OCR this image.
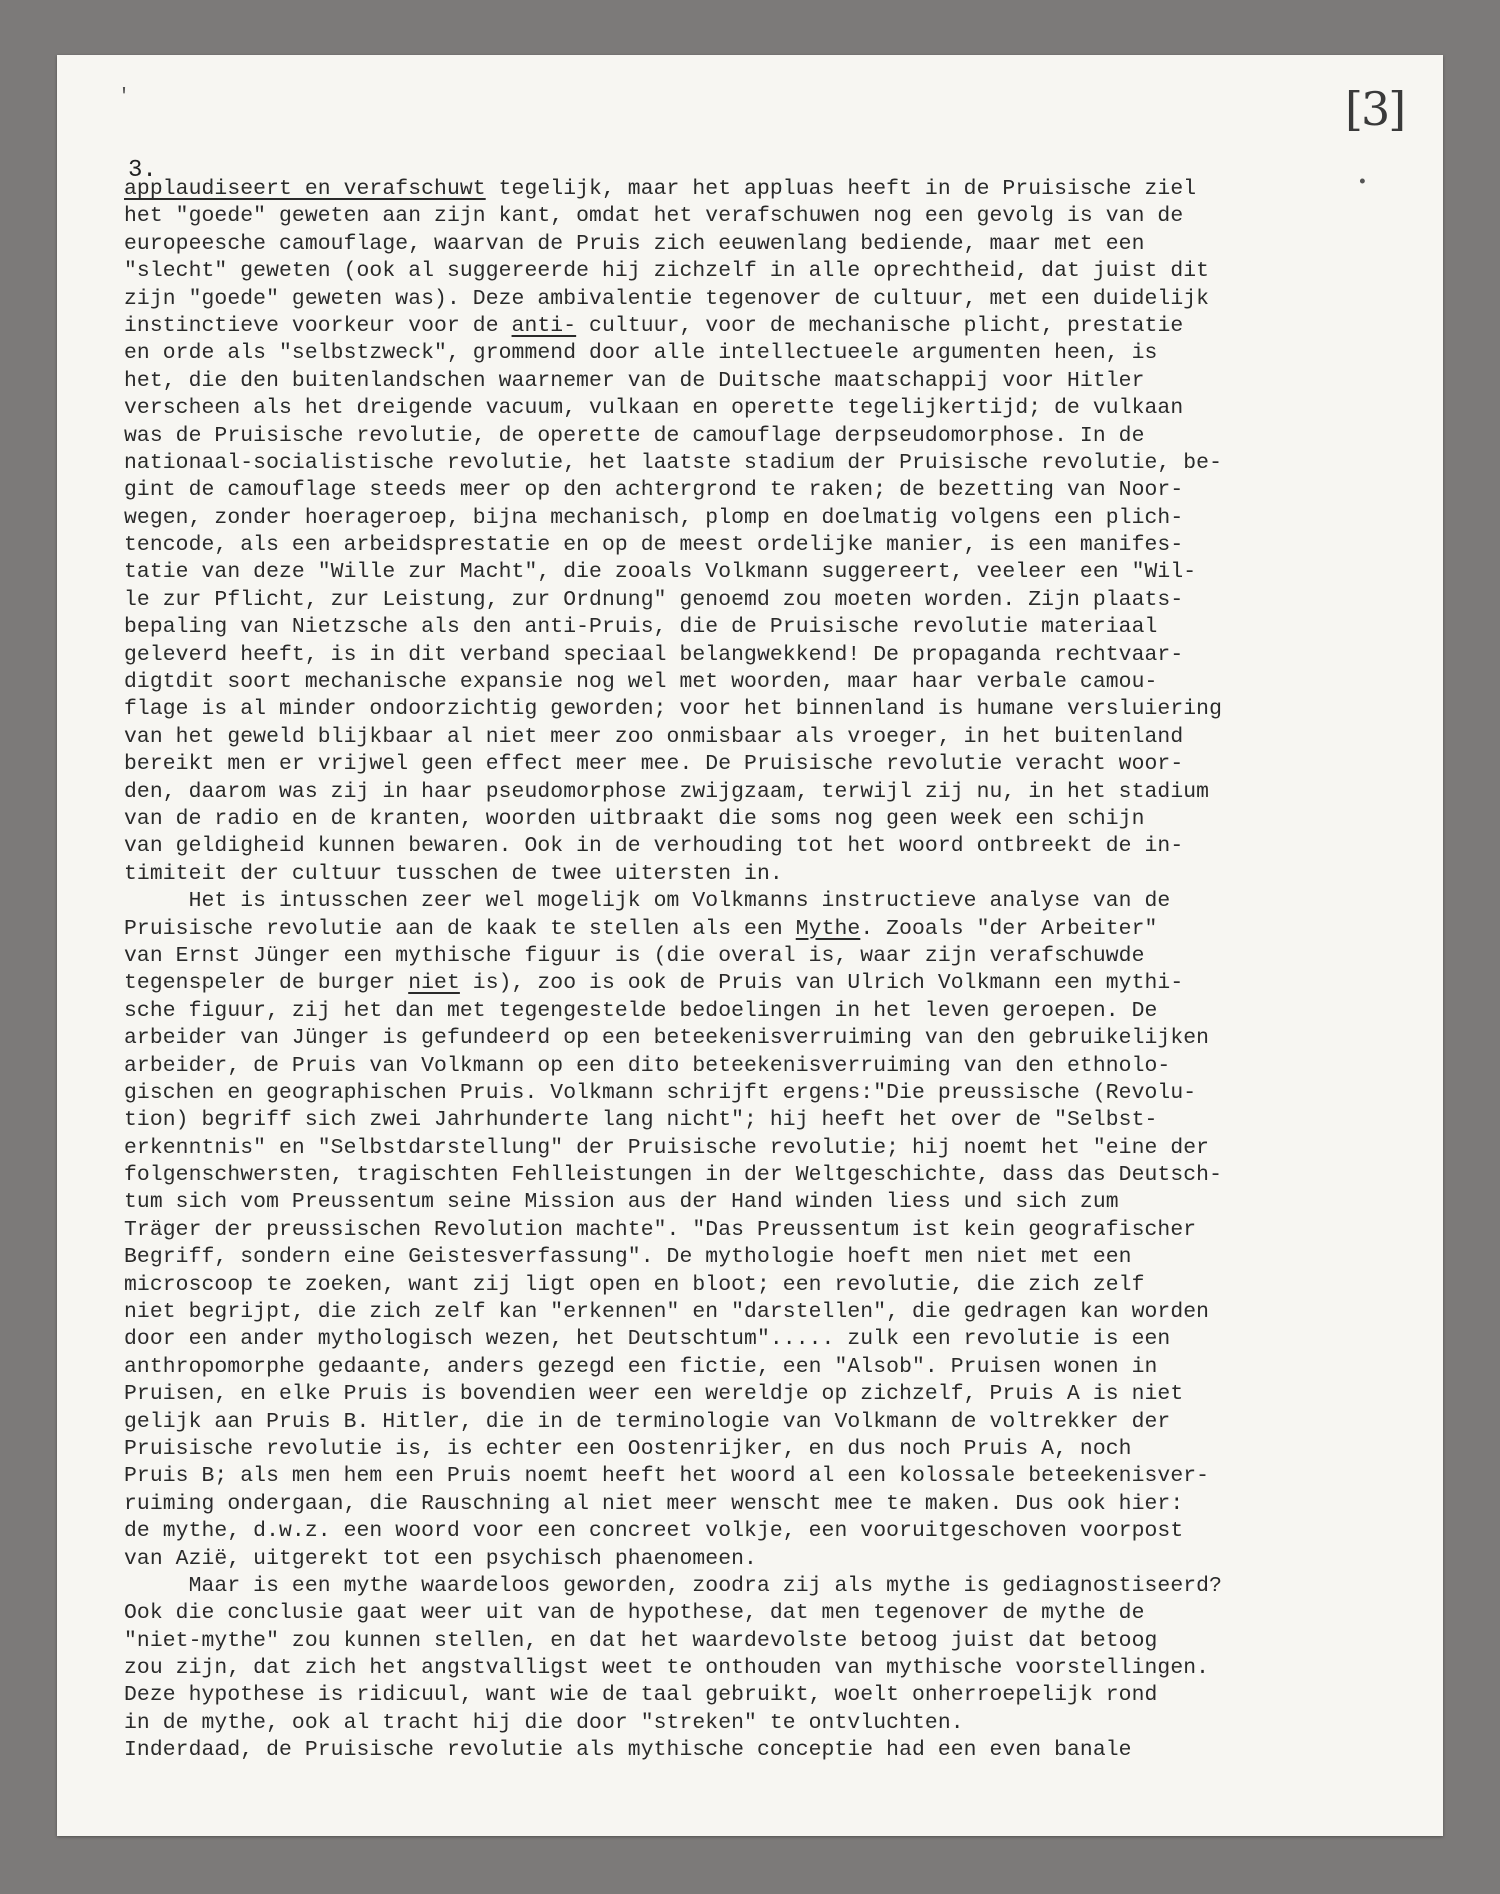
[3]
'
•
3.
applaudiseert en verafschuwt tegelijk, maar het appluas heeft in de Pruisische ziel
het "goede" geweten aan zijn kant, omdat het verafschuwen nog een gevolg is van de
europeesche camouflage, waarvan de Pruis zich eeuwenlang bediende, maar met een
"slecht" geweten (ook al suggereerde hij zichzelf in alle oprechtheid, dat juist dit
zijn "goede" geweten was). Deze ambivalentie tegenover de cultuur, met een duidelijk
instinctieve voorkeur voor de anti- cultuur, voor de mechanische plicht, prestatie
en orde als "selbstzweck", grommend door alle intellectueele argumenten heen, is
het, die den buitenlandschen waarnemer van de Duitsche maatschappij voor Hitler
verscheen als het dreigende vacuum, vulkaan en operette tegelijkertijd; de vulkaan
was de Pruisische revolutie, de operette de camouflage derpseudomorphose. In de
nationaal-socialistische revolutie, het laatste stadium der Pruisische revolutie, be-
gint de camouflage steeds meer op den achtergrond te raken; de bezetting van Noor-
wegen, zonder hoerageroep, bijna mechanisch, plomp en doelmatig volgens een plich-
tencode, als een arbeidsprestatie en op de meest ordelijke manier, is een manifes-
tatie van deze "Wille zur Macht", die zooals Volkmann suggereert, veeleer een "Wil-
le zur Pflicht, zur Leistung, zur Ordnung" genoemd zou moeten worden. Zijn plaats-
bepaling van Nietzsche als den anti-Pruis, die de Pruisische revolutie materiaal
geleverd heeft, is in dit verband speciaal belangwekkend! De propaganda rechtvaar-
digtdit soort mechanische expansie nog wel met woorden, maar haar verbale camou-
flage is al minder ondoorzichtig geworden; voor het binnenland is humane versluiering
van het geweld blijkbaar al niet meer zoo onmisbaar als vroeger, in het buitenland
bereikt men er vrijwel geen effect meer mee. De Pruisische revolutie veracht woor-
den, daarom was zij in haar pseudomorphose zwijgzaam, terwijl zij nu, in het stadium
van de radio en de kranten, woorden uitbraakt die soms nog geen week een schijn
van geldigheid kunnen bewaren. Ook in de verhouding tot het woord ontbreekt de in-
timiteit der cultuur tusschen de twee uitersten in.
Het is intusschen zeer wel mogelijk om Volkmanns instructieve analyse van de
Pruisische revolutie aan de kaak te stellen als een Mythe. Zooals "der Arbeiter"
van Ernst Jünger een mythische figuur is (die overal is, waar zijn verafschuwde
tegenspeler de burger niet is), zoo is ook de Pruis van Ulrich Volkmann een mythi-
sche figuur, zij het dan met tegengestelde bedoelingen in het leven geroepen. De
arbeider van Jünger is gefundeerd op een beteekenisverruiming van den gebruikelijken
arbeider, de Pruis van Volkmann op een dito beteekenisverruiming van den ethnolo-
gischen en geographischen Pruis. Volkmann schrijft ergens:"Die preussische (Revolu-
tion) begriff sich zwei Jahrhunderte lang nicht"; hij heeft het over de "Selbst-
erkenntnis" en "Selbstdarstellung" der Pruisische revolutie; hij noemt het "eine der
folgenschwersten, tragischten Fehlleistungen in der Weltgeschichte, dass das Deutsch-
tum sich vom Preussentum seine Mission aus der Hand winden liess und sich zum
Träger der preussischen Revolution machte". "Das Preussentum ist kein geografischer
Begriff, sondern eine Geistesverfassung". De mythologie hoeft men niet met een
microscoop te zoeken, want zij ligt open en bloot; een revolutie, die zich zelf
niet begrijpt, die zich zelf kan "erkennen" en "darstellen", die gedragen kan worden
door een ander mythologisch wezen, het Deutschtum"..... zulk een revolutie is een
anthropomorphe gedaante, anders gezegd een fictie, een "Alsob". Pruisen wonen in
Pruisen, en elke Pruis is bovendien weer een wereldje op zichzelf, Pruis A is niet
gelijk aan Pruis B. Hitler, die in de terminologie van Volkmann de voltrekker der
Pruisische revolutie is, is echter een Oostenrijker, en dus noch Pruis A, noch
Pruis B; als men hem een Pruis noemt heeft het woord al een kolossale beteekenisver-
ruiming ondergaan, die Rauschning al niet meer wenscht mee te maken. Dus ook hier:
de mythe, d.w.z. een woord voor een concreet volkje, een vooruitgeschoven voorpost
van Azië, uitgerekt tot een psychisch phaenomeen.
Maar is een mythe waardeloos geworden, zoodra zij als mythe is gediagnostiseerd?
Ook die conclusie gaat weer uit van de hypothese, dat men tegenover de mythe de
"niet-mythe" zou kunnen stellen, en dat het waardevolste betoog juist dat betoog
zou zijn, dat zich het angstvalligst weet te onthouden van mythische voorstellingen.
Deze hypothese is ridicuul, want wie de taal gebruikt, woelt onherroepelijk rond
in de mythe, ook al tracht hij die door "streken" te ontvluchten.
Inderdaad, de Pruisische revolutie als mythische conceptie had een even banale
